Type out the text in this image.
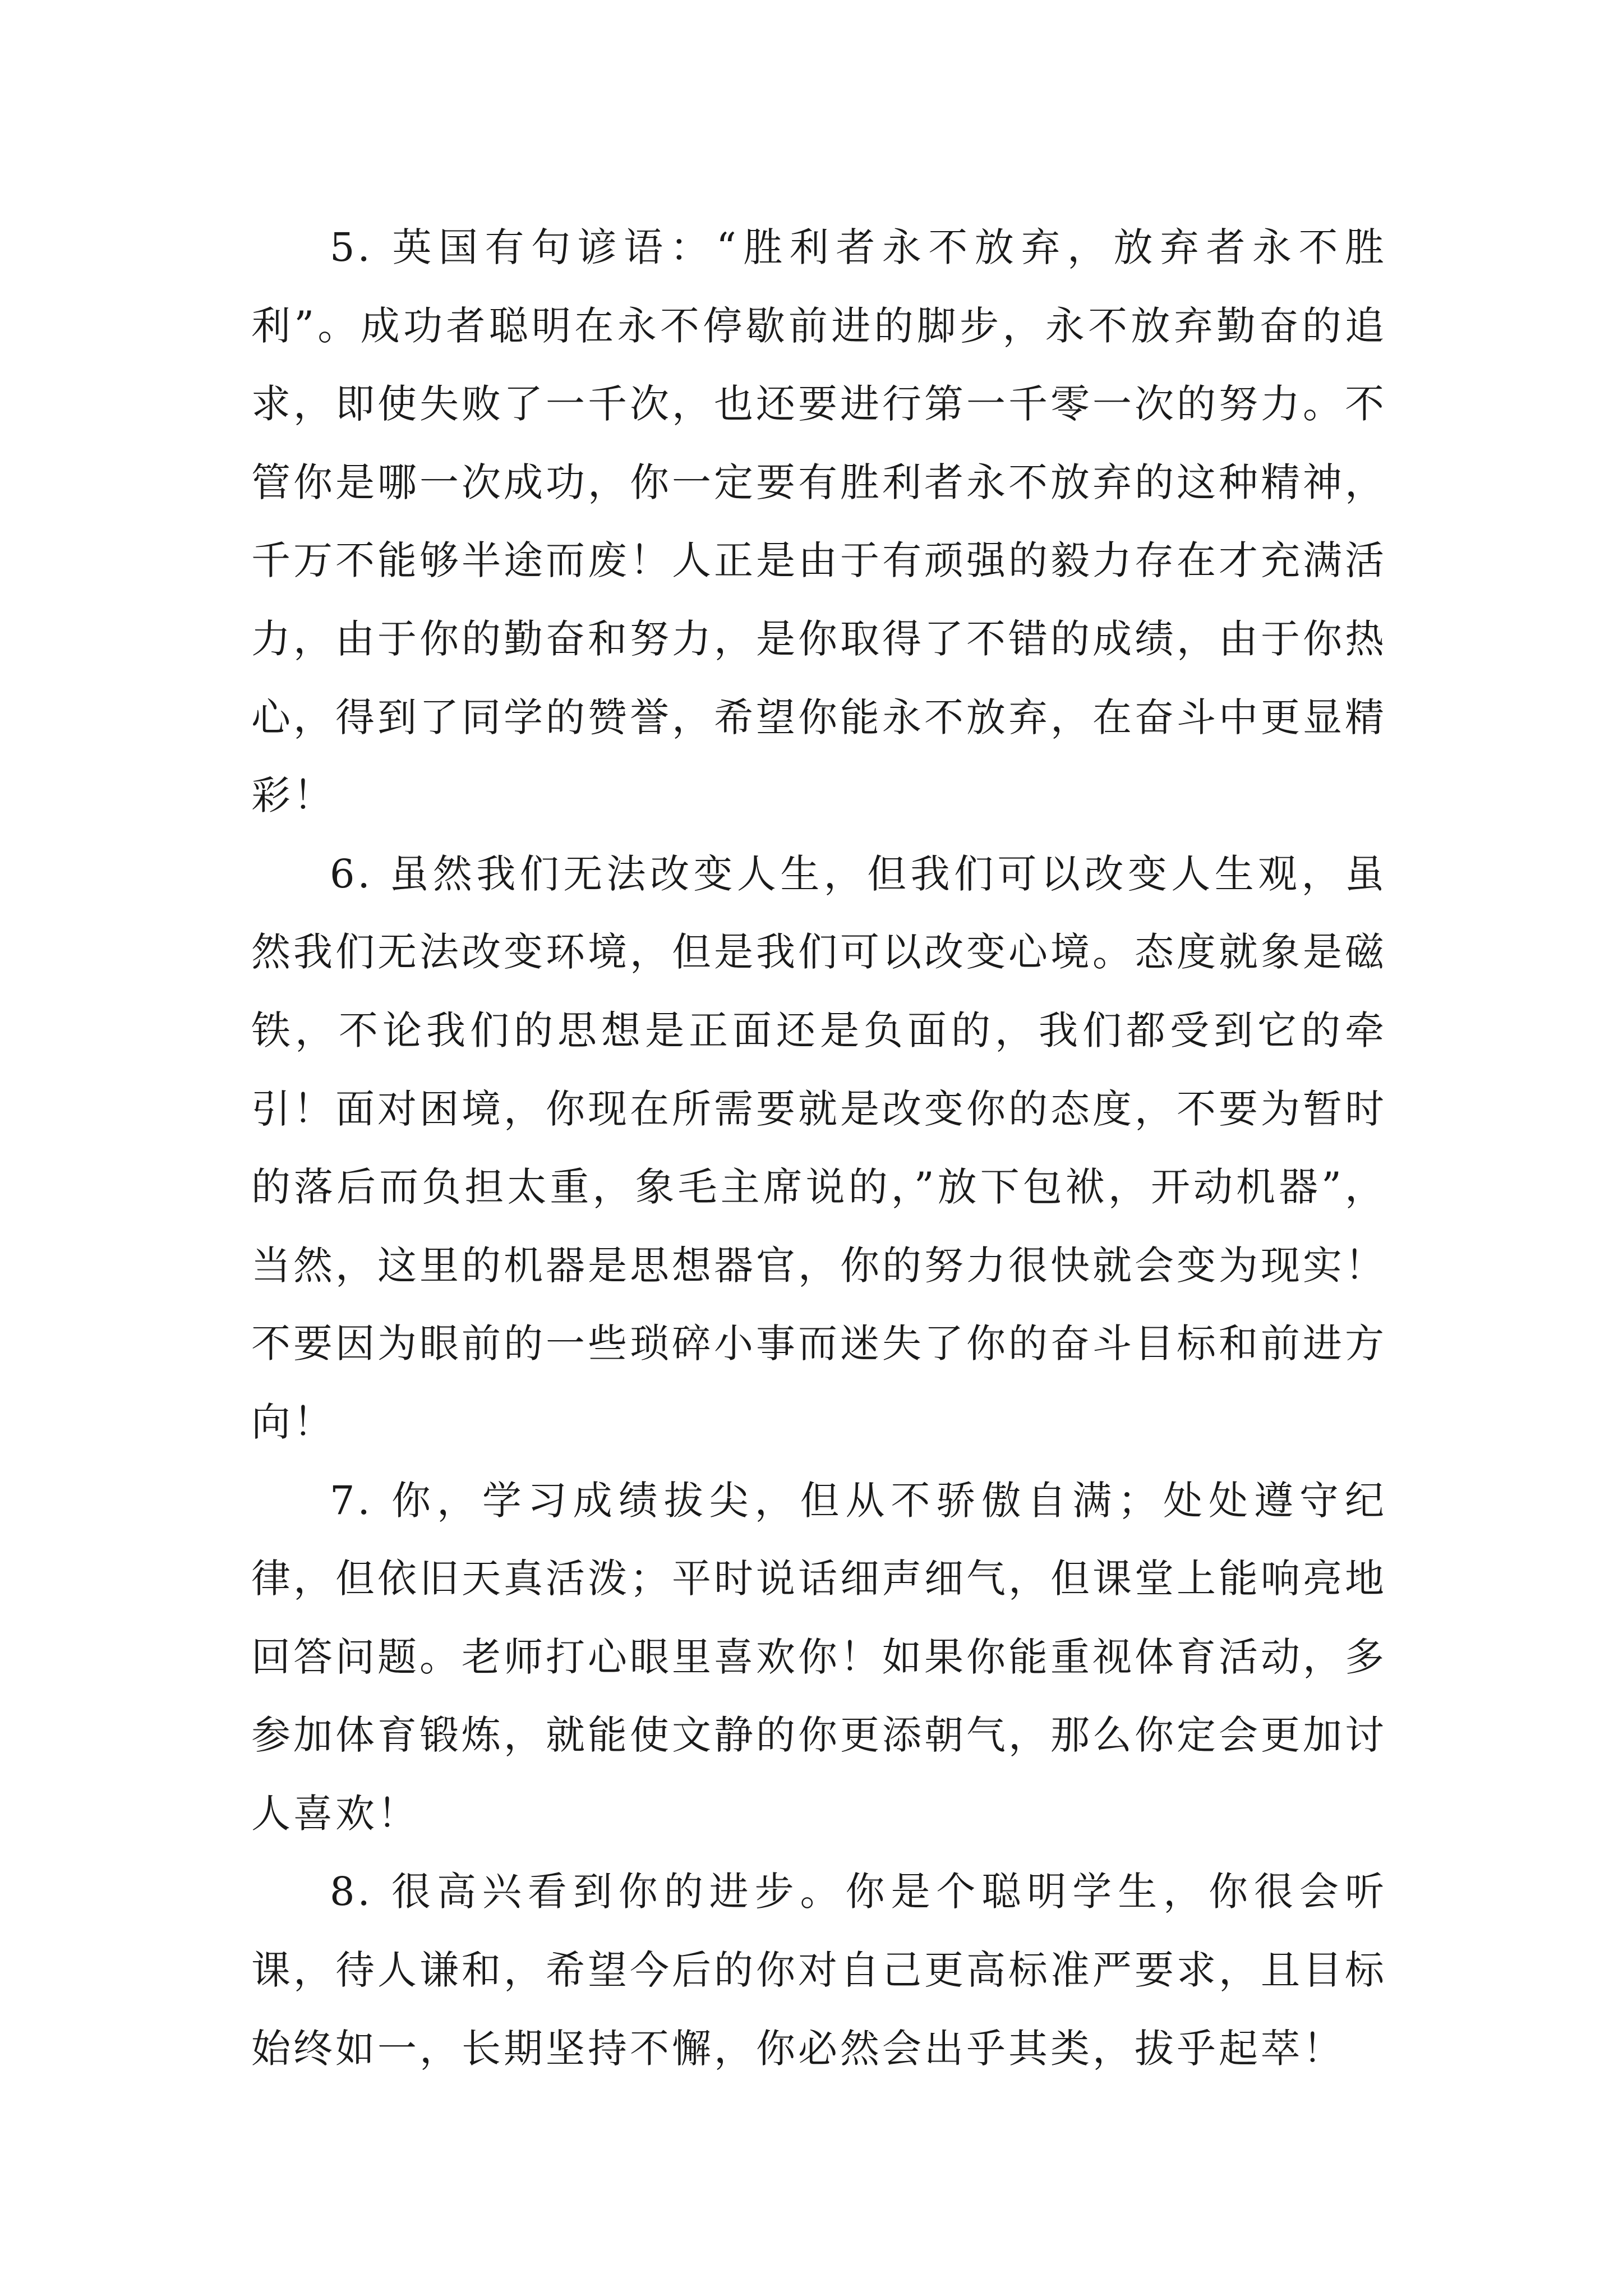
5. 英国有句谚语：“胜利者永不放弃，放弃者永不胜利”。成功者聪明在永不停歇前进的脚步，永不放弃勤奋的追求，即使失败了一千次，也还要进行第一千零一次的努力。不管你是哪一次成功，你一定要有胜利者永不放弃的这种精神，千万不能够半途而废！人正是由于有顽强的毅力存在才充满活力，由于你的勤奋和努力，是你取得了不错的成绩，由于你热心，得到了同学的赞誉，希望你能永不放弃，在奋斗中更显精彩！

6. 虽然我们无法改变人生，但我们可以改变人生观，虽然我们无法改变环境，但是我们可以改变心境。态度就象是磁铁，不论我们的思想是正面还是负面的，我们都受到它的牵引！面对困境，你现在所需要就是改变你的态度，不要为暂时的落后而负担太重，象毛主席说的，”放下包袱，开动机器”，当然，这里的机器是思想器官，你的努力很快就会变为现实！不要因为眼前的一些琐碎小事而迷失了你的奋斗目标和前进方向！

7. 你，学习成绩拔尖，但从不骄傲自满；处处遵守纪律，但依旧天真活泼；平时说话细声细气，但课堂上能响亮地回答问题。老师打心眼里喜欢你！如果你能重视体育活动，多参加体育锻炼，就能使文静的你更添朝气，那么你定会更加讨人喜欢！

8. 很高兴看到你的进步。你是个聪明学生，你很会听课，待人谦和，希望今后的你对自己更高标准严要求，且目标始终如一，长期坚持不懈，你必然会出乎其类，拔乎起萃！
